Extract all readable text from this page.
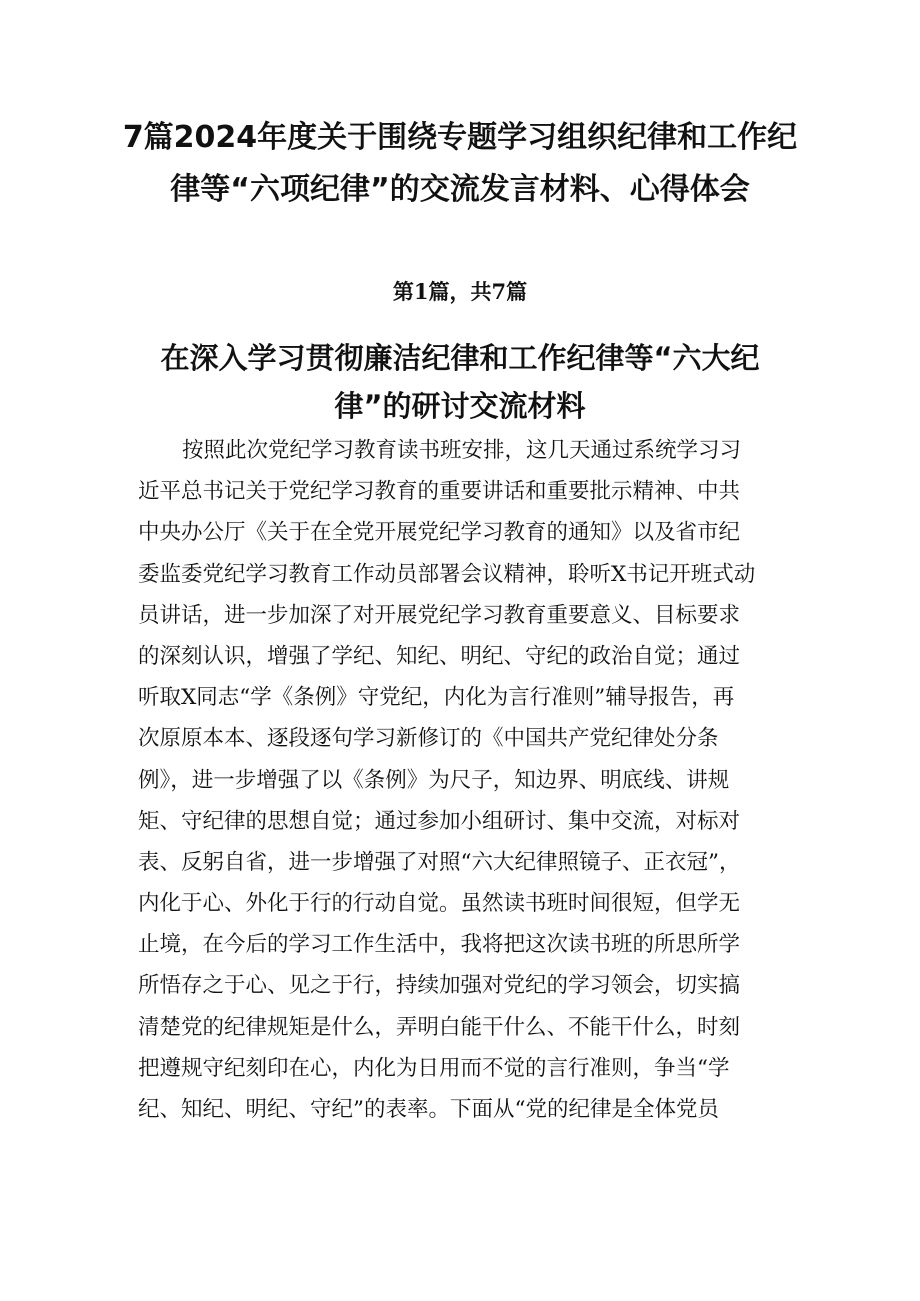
7篇2024年度关于围绕专题学习组织纪律和工作纪
律等“六项纪律”的交流发言材料、心得体会

第1篇，共7篇

在深入学习贯彻廉洁纪律和工作纪律等“六大纪
律”的研讨交流材料
按照此次党纪学习教育读书班安排，这几天通过系统学习习
近平总书记关于党纪学习教育的重要讲话和重要批示精神、中共
中央办公厅《关于在全党开展党纪学习教育的通知》以及省市纪
委监委党纪学习教育工作动员部署会议精神，聆听X书记开班式动
员讲话，进一步加深了对开展党纪学习教育重要意义、目标要求
的深刻认识，增强了学纪、知纪、明纪、守纪的政治自觉；通过
听取X同志“学《条例》守党纪，内化为言行准则”辅导报告，再
次原原本本、逐段逐句学习新修订的《中国共产党纪律处分条
例》，进一步增强了以《条例》为尺子，知边界、明底线、讲规
矩、守纪律的思想自觉；通过参加小组研讨、集中交流，对标对
表、反躬自省，进一步增强了对照“六大纪律照镜子、正衣冠”，
内化于心、外化于行的行动自觉。虽然读书班时间很短，但学无
止境，在今后的学习工作生活中，我将把这次读书班的所思所学
所悟存之于心、见之于行，持续加强对党纪的学习领会，切实搞
清楚党的纪律规矩是什么，弄明白能干什么、不能干什么，时刻
把遵规守纪刻印在心，内化为日用而不觉的言行准则，争当“学
纪、知纪、明纪、守纪”的表率。下面从“党的纪律是全体党员
